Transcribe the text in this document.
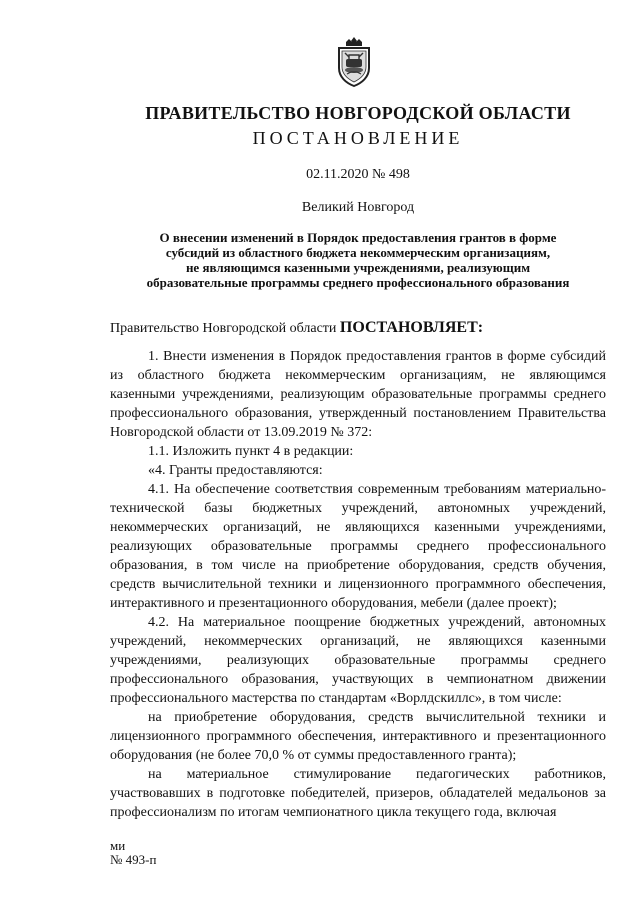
ПРАВИТЕЛЬСТВО НОВГОРОДСКОЙ ОБЛАСТИ
ПОСТАНОВЛЕНИЕ
02.11.2020 № 498
Великий Новгород
О внесении изменений в Порядок предоставления грантов в форме
субсидий из областного бюджета некоммерческим организациям,
не являющимся казенными учреждениями, реализующим
образовательные программы среднего профессионального образования

Правительство Новгородской области ПОСТАНОВЛЯЕТ:

1. Внести изменения в Порядок предоставления грантов в форме субсидий из областного бюджета некоммерческим организациям, не являющимся казенными учреждениями, реализующим образовательные программы среднего профессионального образования, утвержденный постановлением Правительства Новгородской области от 13.09.2019 № 372:

1.1. Изложить пункт 4 в редакции:

«4. Гранты предоставляются:

4.1. На обеспечение соответствия современным требованиям материально-технической базы бюджетных учреждений, автономных учреждений, некоммерческих организаций, не являющихся казенными учреждениями, реализующих образовательные программы среднего профессионального образования, в том числе на приобретение оборудования, средств обучения, средств вычислительной техники и лицензионного программного обеспечения, интерактивного и презентационного оборудования, мебели (далее проект);

4.2. На материальное поощрение бюджетных учреждений, автономных учреждений, некоммерческих организаций, не являющихся казенными учреждениями, реализующих образовательные программы среднего профессионального образования, участвующих в чемпионатном движении профессионального мастерства по стандартам «Ворлдскиллс», в том числе:

на приобретение оборудования, средств вычислительной техники и лицензионного программного обеспечения, интерактивного и презентационного оборудования (не более 70,0 % от суммы предоставленного гранта);

на материальное стимулирование педагогических работников, участвовавших в подготовке победителей, призеров, обладателей медальонов за профессионализм по итогам чемпионатного цикла текущего года, включая

ми
№ 493-п
